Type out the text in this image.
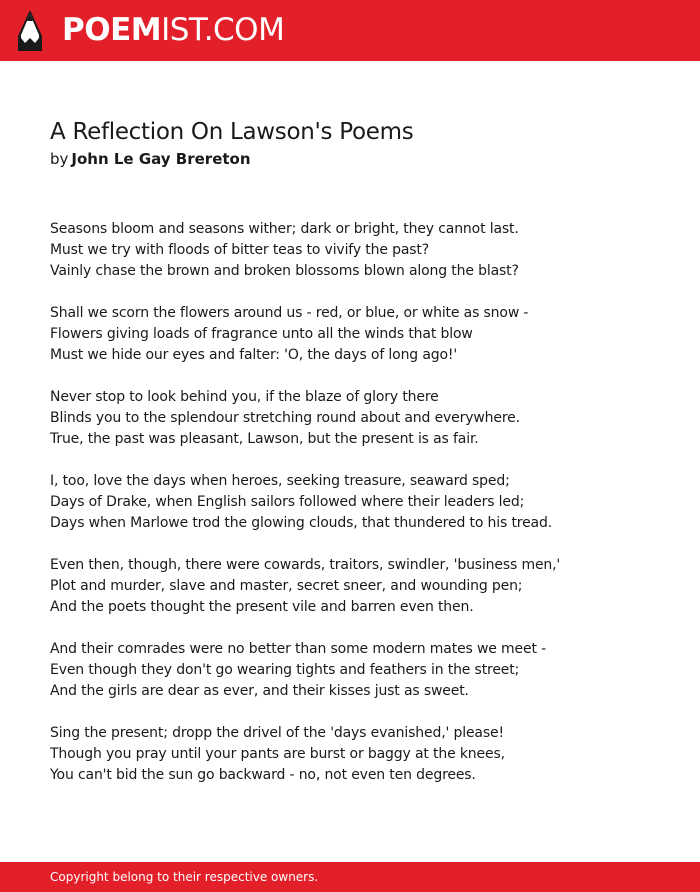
POEMIST.COM
A Reflection On Lawson's Poems
by John Le Gay Brereton
Seasons bloom and seasons wither; dark or bright, they cannot last.
Must we try with floods of bitter teas to vivify the past?
Vainly chase the brown and broken blossoms blown along the blast?
Shall we scorn the flowers around us - red, or blue, or white as snow -
Flowers giving loads of fragrance unto all the winds that blow
Must we hide our eyes and falter: 'O, the days of long ago!'
Never stop to look behind you, if the blaze of glory there
Blinds you to the splendour stretching round about and everywhere.
True, the past was pleasant, Lawson, but the present is as fair.
I, too, love the days when heroes, seeking treasure, seaward sped;
Days of Drake, when English sailors followed where their leaders led;
Days when Marlowe trod the glowing clouds, that thundered to his tread.
Even then, though, there were cowards, traitors, swindler, 'business men,'
Plot and murder, slave and master, secret sneer, and wounding pen;
And the poets thought the present vile and barren even then.
And their comrades were no better than some modern mates we meet -
Even though they don't go wearing tights and feathers in the street;
And the girls are dear as ever, and their kisses just as sweet.
Sing the present; dropp the drivel of the 'days evanished,' please!
Though you pray until your pants are burst or baggy at the knees,
You can't bid the sun go backward - no, not even ten degrees.
Copyright belong to their respective owners.
